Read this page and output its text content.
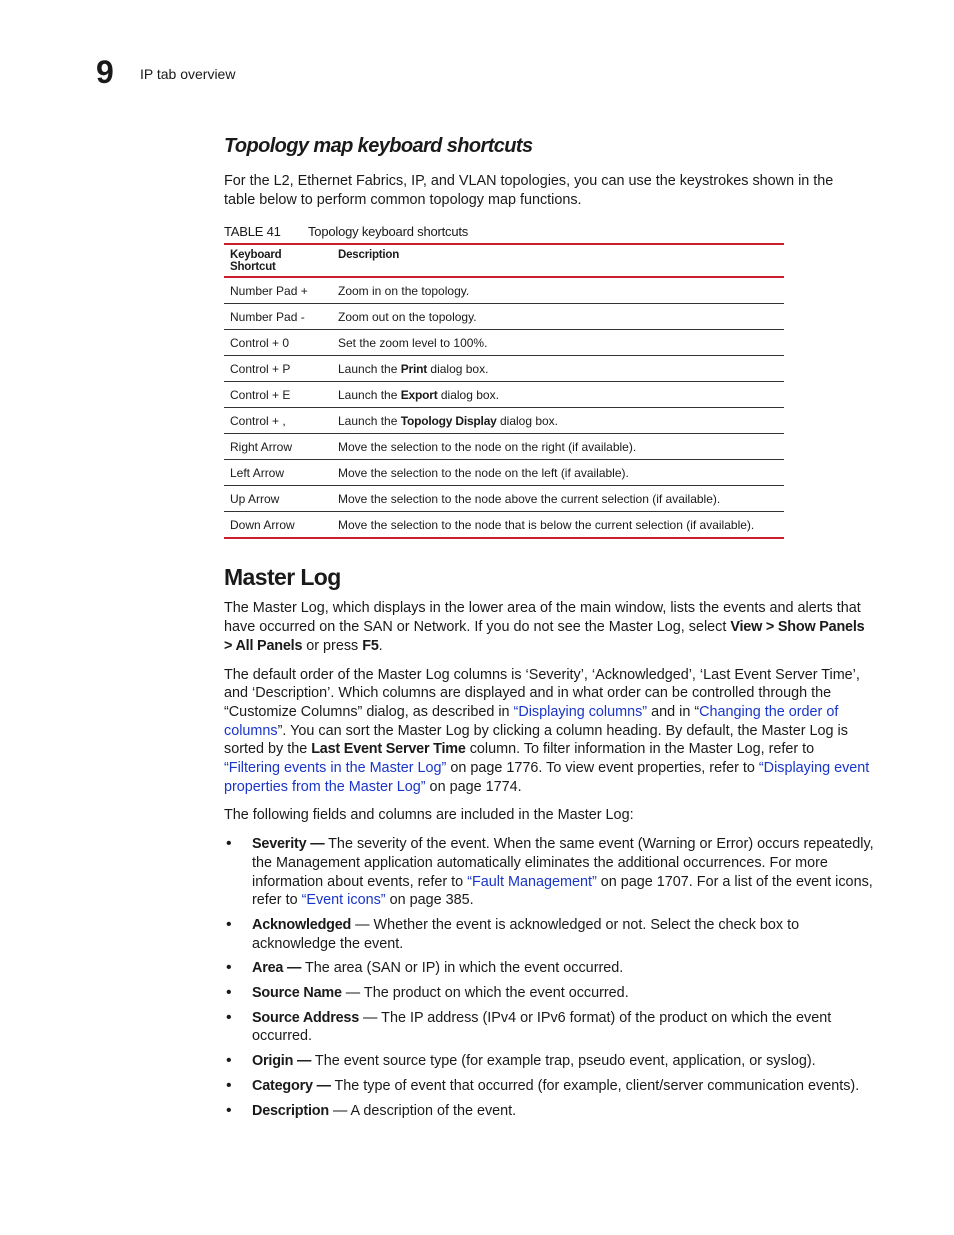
9 IP tab overview
Topology map keyboard shortcuts

For the L2, Ethernet Fabrics, IP, and VLAN topologies, you can use the keystrokes shown in the table below to perform common topology map functions.

TABLE 41 Topology keyboard shortcuts
Keyboard Shortcut	Description
Number Pad +	Zoom in on the topology.
Number Pad -	Zoom out on the topology.
Control + 0	Set the zoom level to 100%.
Control + P	Launch the Print dialog box.
Control + E	Launch the Export dialog box.
Control + ,	Launch the Topology Display dialog box.
Right Arrow	Move the selection to the node on the right (if available).
Left Arrow	Move the selection to the node on the left (if available).
Up Arrow	Move the selection to the node above the current selection (if available).
Down Arrow	Move the selection to the node that is below the current selection (if available).
Master Log

The Master Log, which displays in the lower area of the main window, lists the events and alerts that have occurred on the SAN or Network. If you do not see the Master Log, select View > Show Panels > All Panels or press F5.

The default order of the Master Log columns is ‘Severity’, ‘Acknowledged’, ‘Last Event Server Time’, and ‘Description’. Which columns are displayed and in what order can be controlled through the “Customize Columns” dialog, as described in “Displaying columns” and in “Changing the order of columns”. You can sort the Master Log by clicking a column heading. By default, the Master Log is sorted by the Last Event Server Time column. To filter information in the Master Log, refer to “Filtering events in the Master Log” on page 1776. To view event properties, refer to “Displaying event properties from the Master Log” on page 1774.

The following fields and columns are included in the Master Log:

• Severity — The severity of the event. When the same event (Warning or Error) occurs repeatedly, the Management application automatically eliminates the additional occurrences. For more information about events, refer to “Fault Management” on page 1707. For a list of the event icons, refer to “Event icons” on page 385.
• Acknowledged — Whether the event is acknowledged or not. Select the check box to acknowledge the event.
• Area — The area (SAN or IP) in which the event occurred.
• Source Name — The product on which the event occurred.
• Source Address — The IP address (IPv4 or IPv6 format) of the product on which the event occurred.
• Origin — The event source type (for example trap, pseudo event, application, or syslog).
• Category — The type of event that occurred (for example, client/server communication events).
• Description — A description of the event.
